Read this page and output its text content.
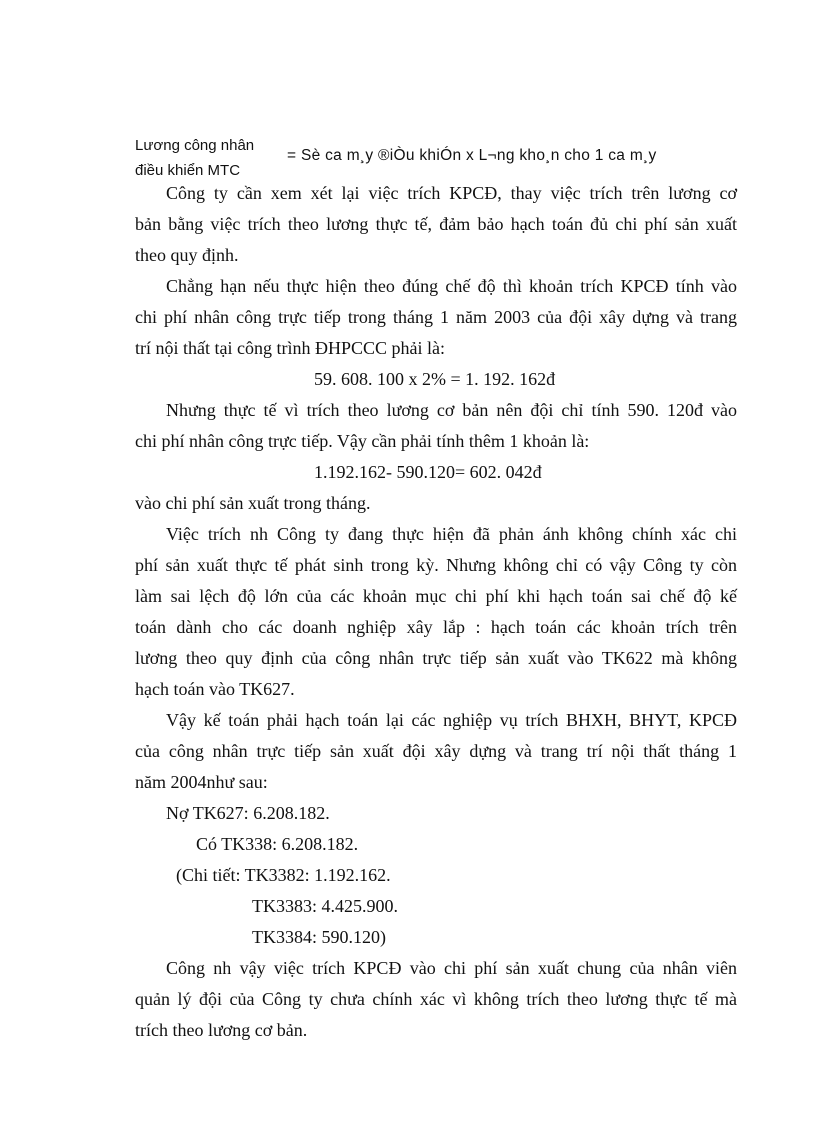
Lương công nhân
điều khiển MTC
= Sè ca m¸y ®iÒu khiÓn x L¬ng kho¸n cho 1 ca m¸y
Công ty cần xem xét lại việc trích KPCĐ, thay việc trích trên lương cơ
bản bằng việc trích theo lương thực tế, đảm bảo hạch toán đủ chi phí sản xuất
theo quy định.
Chẳng hạn nếu thực hiện theo đúng chế độ thì khoản trích KPCĐ tính vào
chi phí nhân công trực tiếp trong tháng 1 năm 2003 của đội xây dựng và trang
trí nội thất tại công trình ĐHPCCC phải là:
59. 608. 100 x 2% = 1. 192. 162đ
Nhưng thực tế vì trích theo lương cơ bản nên đội chỉ tính 590. 120đ vào
chi phí nhân công trực tiếp. Vậy cần phải tính thêm 1 khoản là:
1.192.162- 590.120= 602. 042đ
vào chi phí sản xuất trong tháng.
Việc trích nh Công ty đang thực hiện đã phản ánh không chính xác chi
phí sản xuất thực tế phát sinh trong kỳ. Nhưng không chỉ có vậy Công ty còn
làm sai lệch độ lớn của các khoản mục chi phí khi hạch toán sai chế độ kế
toán dành cho các doanh nghiệp xây lắp : hạch toán các khoản trích trên
lương theo quy định của công nhân trực tiếp sản xuất vào TK622 mà không
hạch toán vào TK627.
Vậy kế toán phải hạch toán lại các nghiệp vụ trích BHXH, BHYT, KPCĐ
của công nhân trực tiếp sản xuất đội xây dựng và trang trí nội thất tháng 1
năm 2004như sau:
Nợ TK627: 6.208.182.
Có TK338: 6.208.182.
(Chi tiết: TK3382: 1.192.162.
TK3383: 4.425.900.
TK3384: 590.120)
Công nh vậy việc trích KPCĐ vào chi phí sản xuất chung của nhân viên
quản lý đội của Công ty chưa chính xác vì không trích theo lương thực tế mà
trích theo lương cơ bản.
